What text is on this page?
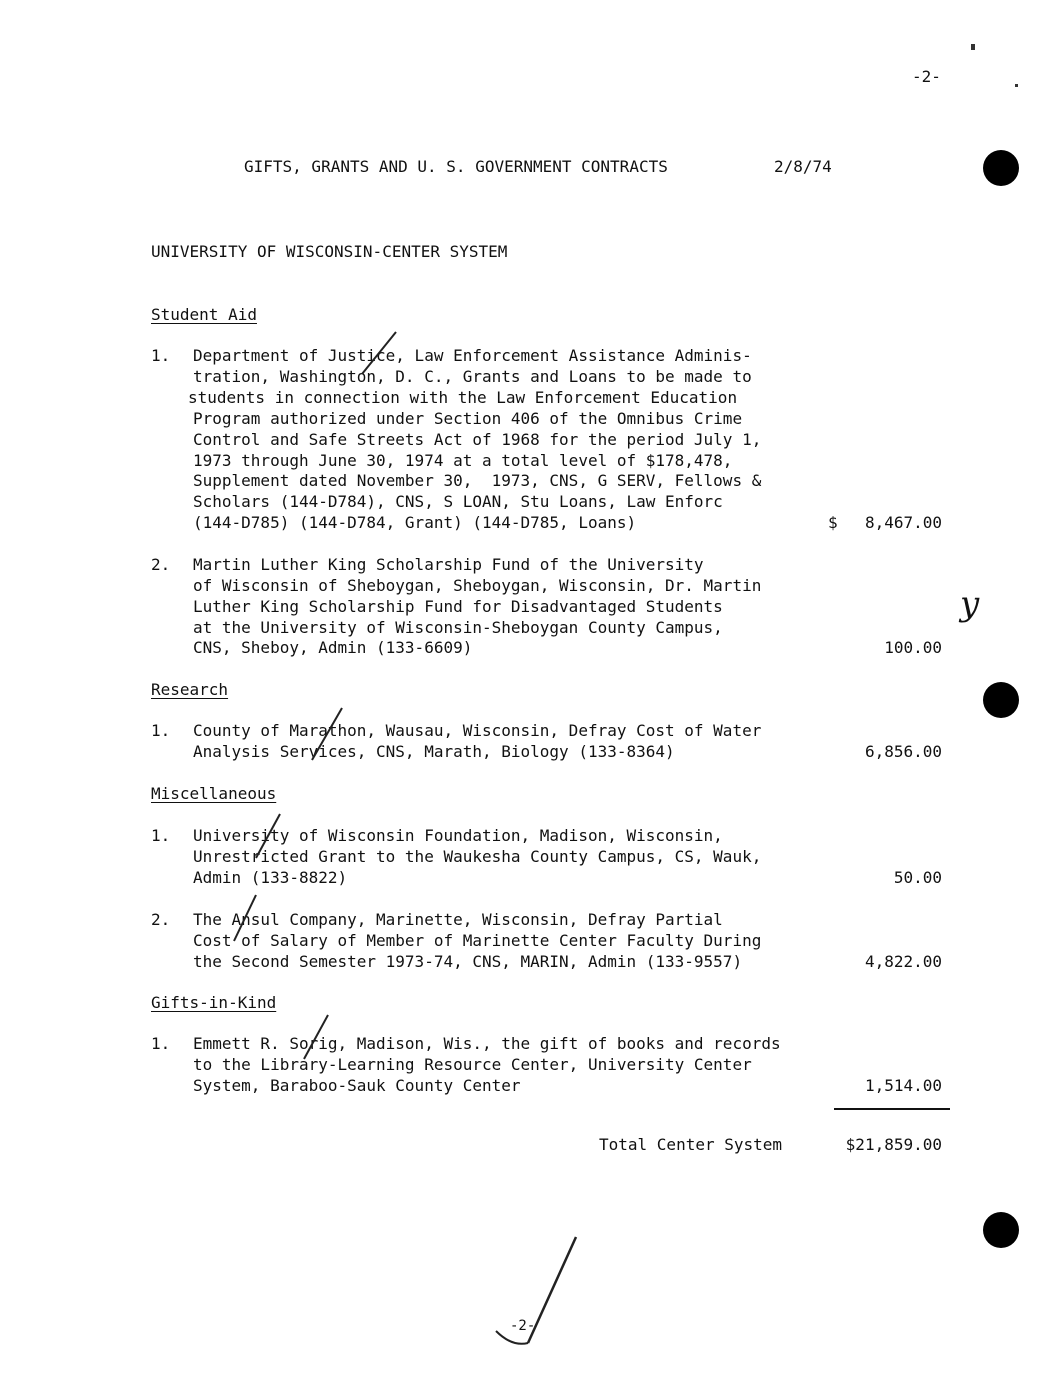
-2-
GIFTS, GRANTS AND U. S. GOVERNMENT CONTRACTS	2/8/74
UNIVERSITY OF WISCONSIN-CENTER SYSTEM
Student Aid
1. Department of Justice, Law Enforcement Assistance Adminis-
tration, Washington, D. C., Grants and Loans to be made to
students in connection with the Law Enforcement Education
Program authorized under Section 406 of the Omnibus Crime
Control and Safe Streets Act of 1968 for the period July 1,
1973 through June 30, 1974 at a total level of $178,478,
Supplement dated November 30,  1973, CNS, G SERV, Fellows &
Scholars (144-D784), CNS, S LOAN, Stu Loans, Law Enforc
(144-D785) (144-D784, Grant) (144-D785, Loans)	$ 8,467.00
2. Martin Luther King Scholarship Fund of the University
of Wisconsin of Sheboygan, Sheboygan, Wisconsin, Dr. Martin
Luther King Scholarship Fund for Disadvantaged Students
at the University of Wisconsin-Sheboygan County Campus,
CNS, Sheboy, Admin (133-6609)	100.00
Research
1. County of Marathon, Wausau, Wisconsin, Defray Cost of Water
Analysis Services, CNS, Marath, Biology (133-8364)	6,856.00
Miscellaneous
1. University of Wisconsin Foundation, Madison, Wisconsin,
Unrestricted Grant to the Waukesha County Campus, CS, Wauk,
Admin (133-8822)	50.00
2. The Ansul Company, Marinette, Wisconsin, Defray Partial
Cost of Salary of Member of Marinette Center Faculty During
the Second Semester 1973-74, CNS, MARIN, Admin (133-9557)	4,822.00
Gifts-in-Kind
1. Emmett R. Sorig, Madison, Wis., the gift of books and records
to the Library-Learning Resource Center, University Center
System, Baraboo-Sauk County Center	1,514.00
Total Center System	$21,859.00
y
-2-
